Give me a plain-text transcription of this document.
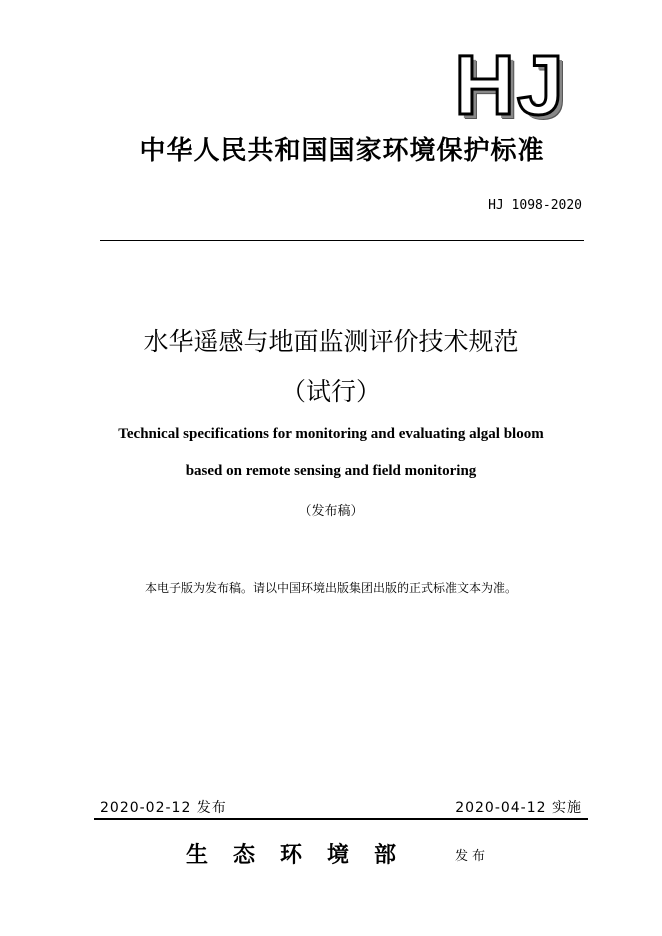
HJ
中华人民共和国国家环境保护标准
HJ 1098-2020
水华遥感与地面监测评价技术规范
（试行）
Technical specifications for monitoring and evaluating algal bloom
based on remote sensing and field monitoring
（发布稿）
本电子版为发布稿。请以中国环境出版集团出版的正式标准文本为准。
2020-02-12 发布	2020-04-12 实施
生态环境部	发布
